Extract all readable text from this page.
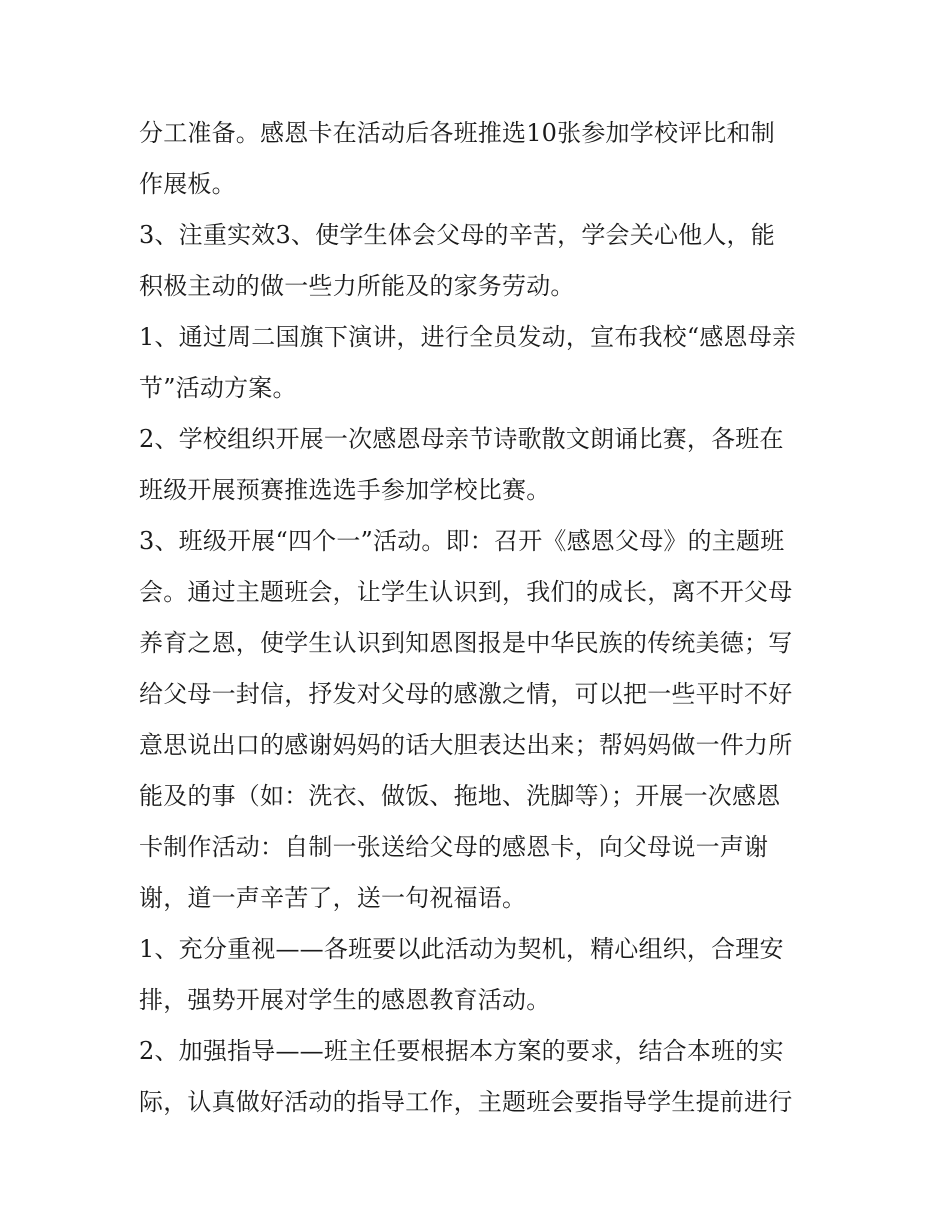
分工准备。感恩卡在活动后各班推选10张参加学校评比和制
作展板。
3、注重实效3、使学生体会父母的辛苦，学会关心他人，能
积极主动的做一些力所能及的家务劳动。
1、通过周二国旗下演讲，进行全员发动，宣布我校“感恩母亲
节”活动方案。
2、学校组织开展一次感恩母亲节诗歌散文朗诵比赛，各班在
班级开展预赛推选选手参加学校比赛。
3、班级开展“四个一”活动。即：召开《感恩父母》的主题班
会。通过主题班会，让学生认识到，我们的成长，离不开父母
养育之恩，使学生认识到知恩图报是中华民族的传统美德；写
给父母一封信，抒发对父母的感激之情，可以把一些平时不好
意思说出口的感谢妈妈的话大胆表达出来；帮妈妈做一件力所
能及的事（如：洗衣、做饭、拖地、洗脚等）；开展一次感恩
卡制作活动：自制一张送给父母的感恩卡，向父母说一声谢
谢，道一声辛苦了，送一句祝福语。
1、充分重视——各班要以此活动为契机，精心组织，合理安
排，强势开展对学生的感恩教育活动。
2、加强指导——班主任要根据本方案的要求，结合本班的实
际，认真做好活动的指导工作，主题班会要指导学生提前进行
